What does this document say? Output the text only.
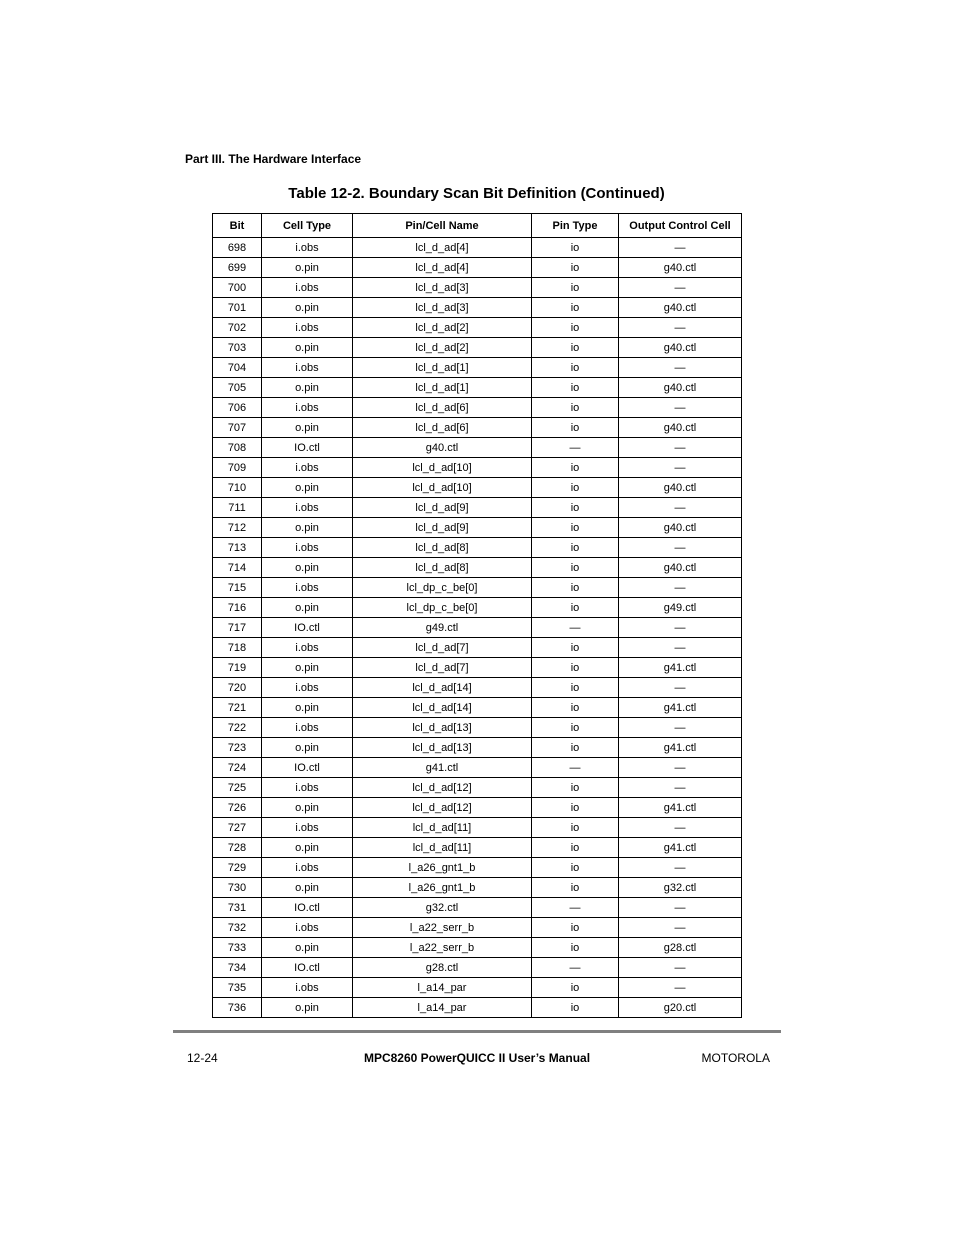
Part III. The Hardware Interface
Table 12-2. Boundary Scan Bit Definition (Continued)
Bit	Cell Type	Pin/Cell Name	Pin Type	Output Control Cell
698	i.obs	lcl_d_ad[4]	io	—
699	o.pin	lcl_d_ad[4]	io	g40.ctl
700	i.obs	lcl_d_ad[3]	io	—
701	o.pin	lcl_d_ad[3]	io	g40.ctl
702	i.obs	lcl_d_ad[2]	io	—
703	o.pin	lcl_d_ad[2]	io	g40.ctl
704	i.obs	lcl_d_ad[1]	io	—
705	o.pin	lcl_d_ad[1]	io	g40.ctl
706	i.obs	lcl_d_ad[6]	io	—
707	o.pin	lcl_d_ad[6]	io	g40.ctl
708	IO.ctl	g40.ctl	—	—
709	i.obs	lcl_d_ad[10]	io	—
710	o.pin	lcl_d_ad[10]	io	g40.ctl
711	i.obs	lcl_d_ad[9]	io	—
712	o.pin	lcl_d_ad[9]	io	g40.ctl
713	i.obs	lcl_d_ad[8]	io	—
714	o.pin	lcl_d_ad[8]	io	g40.ctl
715	i.obs	lcl_dp_c_be[0]	io	—
716	o.pin	lcl_dp_c_be[0]	io	g49.ctl
717	IO.ctl	g49.ctl	—	—
718	i.obs	lcl_d_ad[7]	io	—
719	o.pin	lcl_d_ad[7]	io	g41.ctl
720	i.obs	lcl_d_ad[14]	io	—
721	o.pin	lcl_d_ad[14]	io	g41.ctl
722	i.obs	lcl_d_ad[13]	io	—
723	o.pin	lcl_d_ad[13]	io	g41.ctl
724	IO.ctl	g41.ctl	—	—
725	i.obs	lcl_d_ad[12]	io	—
726	o.pin	lcl_d_ad[12]	io	g41.ctl
727	i.obs	lcl_d_ad[11]	io	—
728	o.pin	lcl_d_ad[11]	io	g41.ctl
729	i.obs	l_a26_gnt1_b	io	—
730	o.pin	l_a26_gnt1_b	io	g32.ctl
731	IO.ctl	g32.ctl	—	—
732	i.obs	l_a22_serr_b	io	—
733	o.pin	l_a22_serr_b	io	g28.ctl
734	IO.ctl	g28.ctl	—	—
735	i.obs	l_a14_par	io	—
736	o.pin	l_a14_par	io	g20.ctl
12-24	MPC8260 PowerQUICC II User’s Manual	MOTOROLA
